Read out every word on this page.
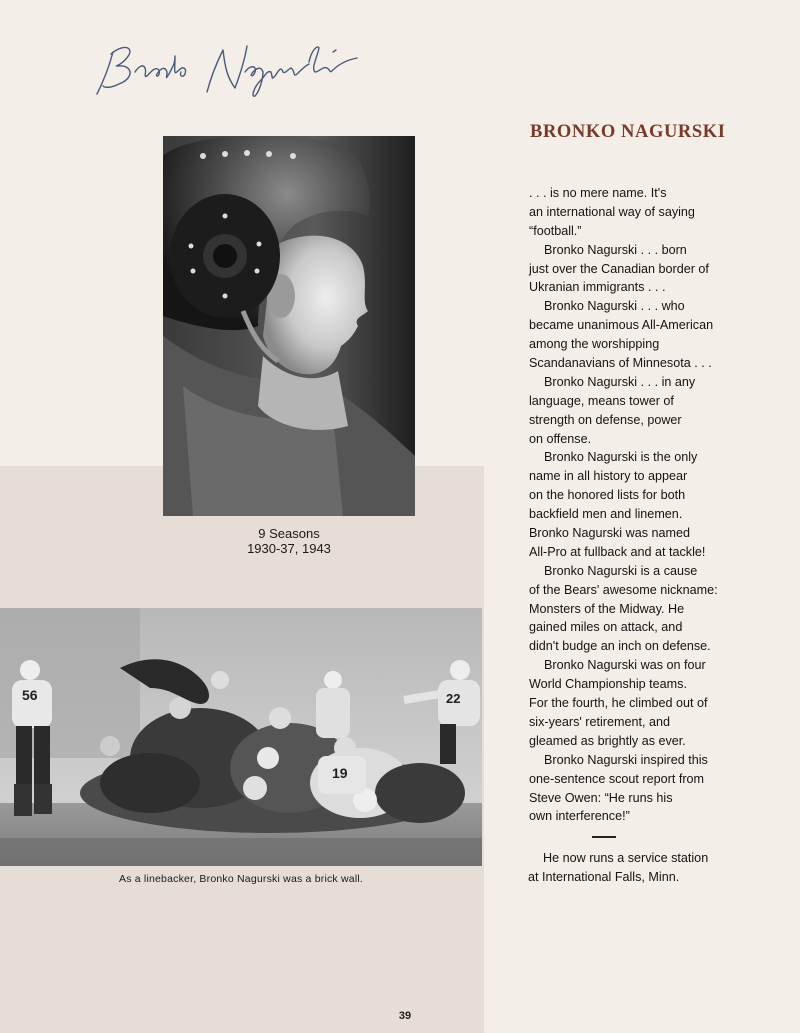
9 Seasons
1930-37, 1943
56	22
19
As a linebacker, Bronko Nagurski was a brick wall.
BRONKO NAGURSKI
. . . is no mere name. It's
an international way of saying
“football.”
Bronko Nagurski . . . born
just over the Canadian border of
Ukranian immigrants . . .
Bronko Nagurski . . . who
became unanimous All-American
among the worshipping
Scandanavians of Minnesota . . .
Bronko Nagurski . . . in any
language, means tower of
strength on defense, power
on offense.
Bronko Nagurski is the only
name in all history to appear
on the honored lists for both
backfield men and linemen.
Bronko Nagurski was named
All-Pro at fullback and at tackle!
Bronko Nagurski is a cause
of the Bears' awesome nickname:
Monsters of the Midway. He
gained miles on attack, and
didn't budge an inch on defense.
Bronko Nagurski was on four
World Championship teams.
For the fourth, he climbed out of
six-years' retirement, and
gleamed as brightly as ever.
Bronko Nagurski inspired this
one-sentence scout report from
Steve Owen: “He runs his
own interference!”
He now runs a service station
at International Falls, Minn.
39
